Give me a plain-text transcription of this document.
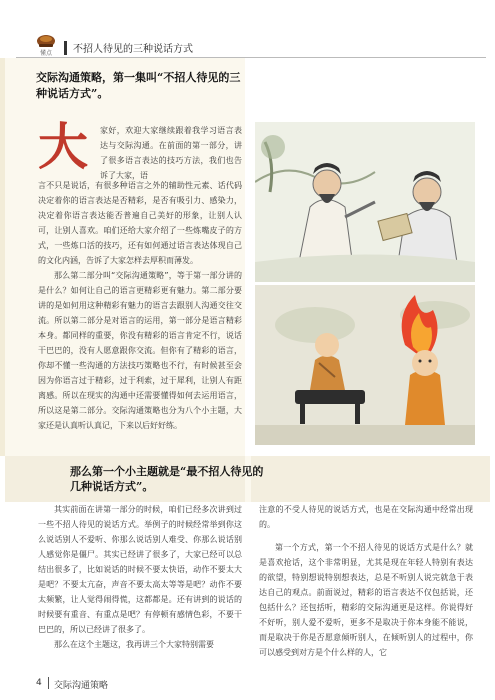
懂点	不招人待见的三种说话方式
交际沟通策略，第一集叫“不招人待见的三种说话方式”。
大	家好，欢迎大家继续跟着我学习语言表达与交际沟通。在前面的第一部分，讲了很多语言表达的技巧方法，我们也告诉了大家，语
言不只是说话，有很多种语言之外的辅助性元素、话代码决定着你的语言表达是否精彩，是否有吸引力、感染力，决定着你语言表达能否普遍自己美好的形象，让别人认可，让别人喜欢。咱们还给大家介绍了一些炼嘴皮子的方式，一些炼口活的技巧，还有如何通过语言表达体现自己的文化内涵，告诉了大家怎样去厚积而薄发。
那么第二部分叫“交际沟通策略”，等于第一部分讲的是什么？如何让自己的语言更精彩更有魅力。第二部分要讲的是如何用这种精彩有魅力的语言去跟别人沟通交往交流。所以第二部分是对语言的运用，第一部分是语言精彩本身。都同样的重要，你没有精彩的语言肯定不行，说话干巴巴的，没有人愿意跟你交流。但你有了精彩的语言，你却不懂一些沟通的方法技巧策略也不行，有时候甚至会因为你语言过于精彩，过于利索，过于犀利，让别人有距离感。所以在现实的沟通中还需要懂得如何去运用语言，所以这是第二部分。交际沟通策略也分为八个小主题，大家还是认真听认真记，下来以后好好练。
那么第一个小主题就是“最不招人待见的几种说话方式”。
其实前面在讲第一部分的时候，咱们已经多次讲到过一些不招人待见的说话方式。举例子的时候经常举到你这么说话别人不爱听、你那么说话别人难受、你那么说话别人感觉你是僵尸。其实已经讲了很多了，大家已经可以总结出很多了，比如说话的时候不要太快语，动作不要太大是吧？不要太亢奋，声音不要太高太等等是吧？动作不要太频繁，让人觉得闹得慌，这都都是。还有讲到的说话的时候要有重音、有重点是吧？有停顿有感情色彩，不要干巴巴的，所以已经讲了很多了。
那么在这个主题这，我再讲三个大家特别需要
注意的不受人待见的说话方式，也是在交际沟通中经常出现的。
第一个方式，第一个不招人待见的说话方式是什么？就是喜欢抢话，这个非常明显，尤其是现在年轻人特别有表达的欲望，特别想说特别想表达，总是不听别人说完就急于表达自己的观点。前面说过，精彩的语言表达不仅包括说，还包括什么？还包括听，精彩的交际沟通更是这样。你说得好不好听，别人爱不爱听，更多不是取决于你本身能不能说，而是取决于你是否愿意倾听别人，在倾听别人的过程中，你可以感受到对方是个什么样的人，它
4 交际沟通策略
